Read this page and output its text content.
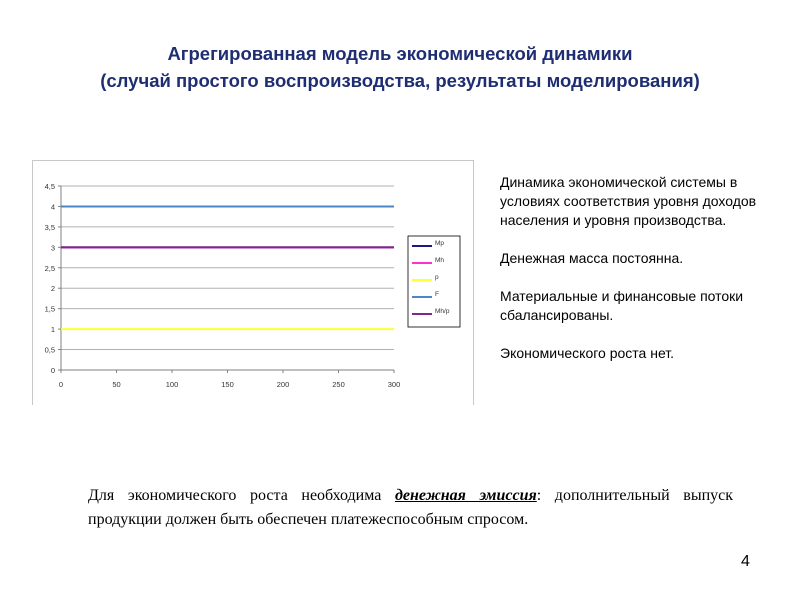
Агрегированная модель экономической динамики
(случай простого воспроизводства, результаты моделирования)
0
0,5
1
1,5
2
2,5
3
3,5
4
4,5
0	50	100	150	200	250	300
Mp
Mh
p
F
Mh/p

Динамика экономической системы в условиях соответствия уровня доходов населения и уровня производства.

Денежная масса постоянна.

Материальные и финансовые потоки сбалансированы.

Экономического роста нет.

Для экономического роста необходима денежная эмиссия: дополнительный выпуск продукции должен быть обеспечен платежеспособным спросом.
4
